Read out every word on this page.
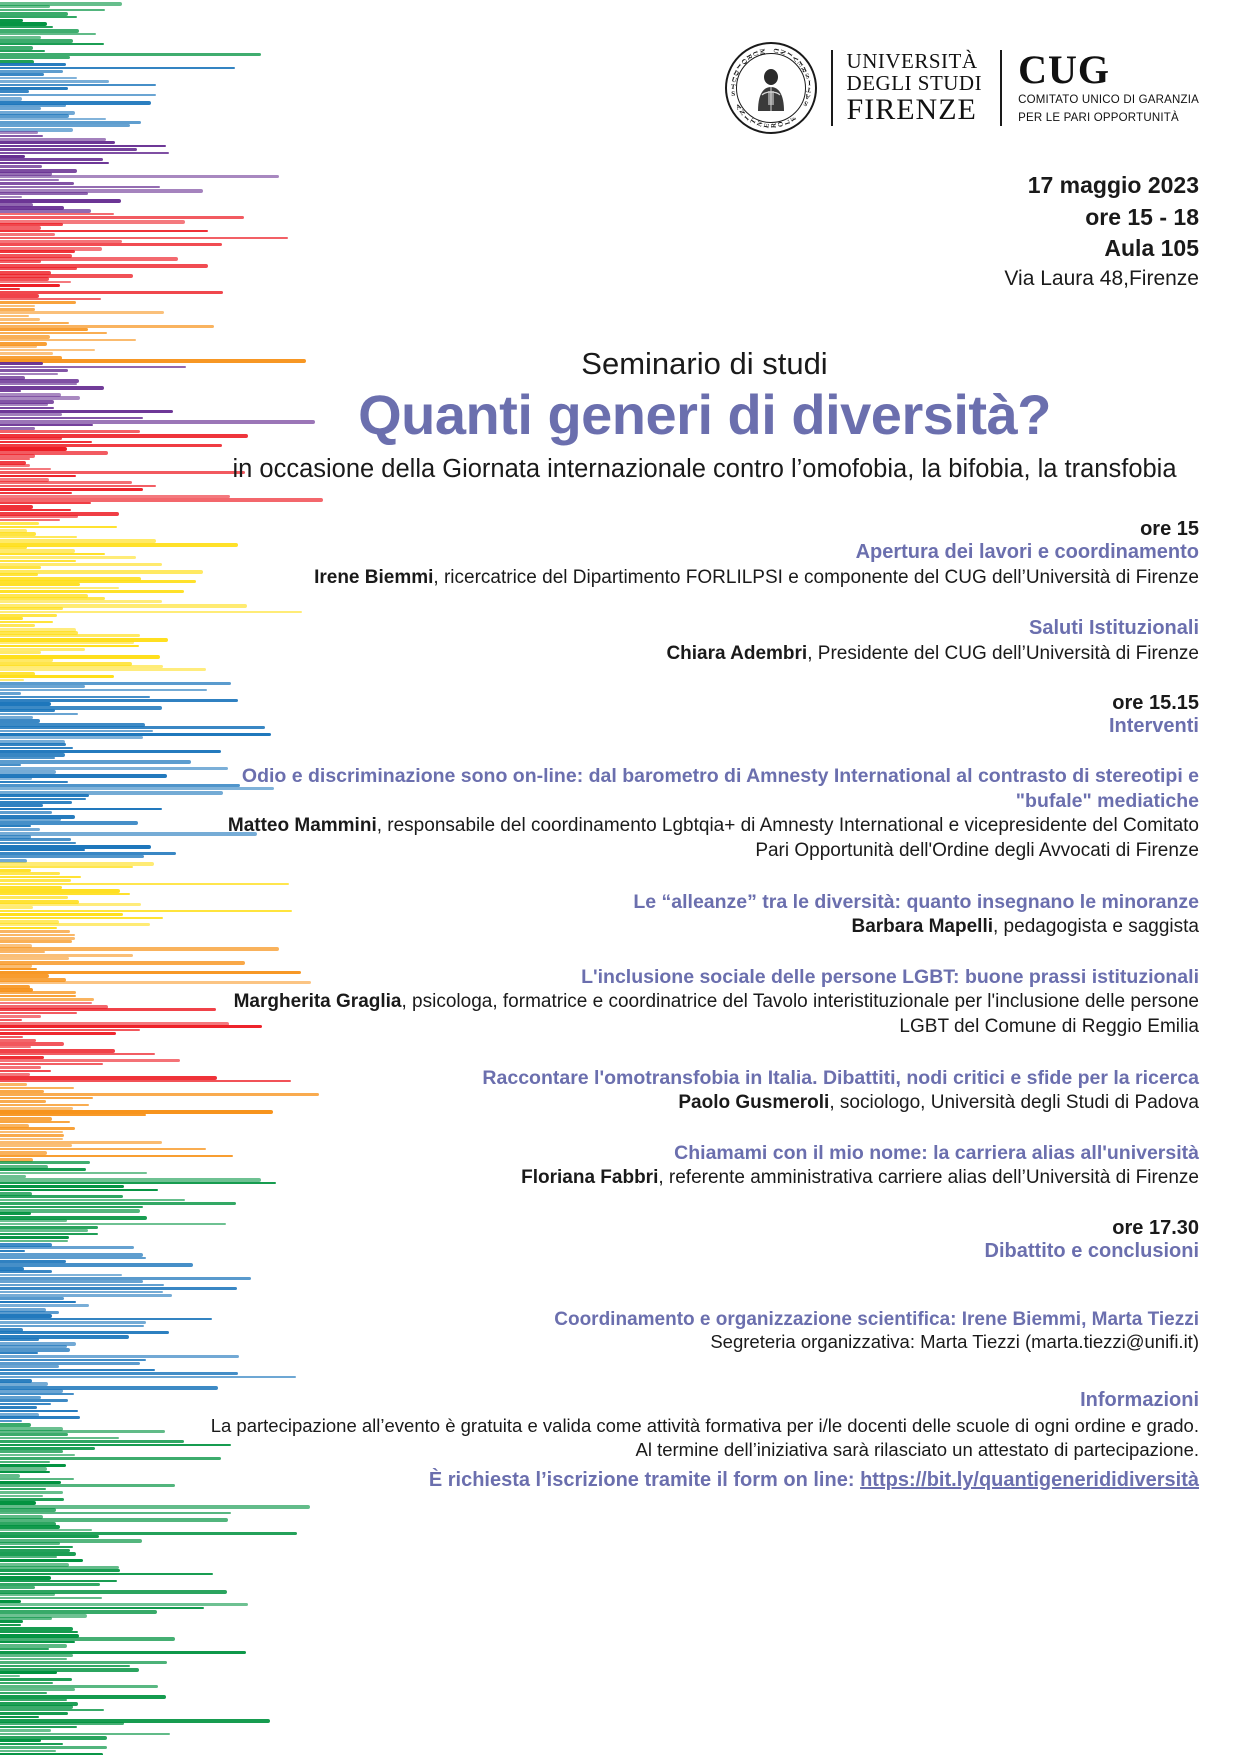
F
L
O
R
E
N
T
I
N
A

S
T
U
D
I
O
R
U
M
U
N
I
V
E
R
S
I
T
A
S
UNIVERSITÀ
DEGLI STUDI
FIRENZE
CUG
COMITATO UNICO DI GARANZIA
PER LE PARI OPPORTUNITÀ
17 maggio 2023
ore 15 - 18
Aula 105
Via Laura 48,Firenze
Seminario di studi
Quanti generi di diversità?
in occasione della Giornata internazionale contro l’omofobia, la bifobia, la transfobia
ore 15
Apertura dei lavori e coordinamento
Irene Biemmi, ricercatrice del Dipartimento FORLILPSI e componente del CUG dell’Università di Firenze
Saluti Istituzionali
Chiara Adembri, Presidente del CUG dell’Università di Firenze
ore 15.15
Interventi
Odio e discriminazione sono on-line: dal barometro di Amnesty International al contrasto di stereotipi e "bufale" mediatiche
Matteo Mammini, responsabile del coordinamento Lgbtqia+ di Amnesty International e vicepresidente del Comitato Pari Opportunità dell'Ordine degli Avvocati di Firenze
Le “alleanze” tra le diversità: quanto insegnano le minoranze
Barbara Mapelli, pedagogista e saggista
L'inclusione sociale delle persone LGBT: buone prassi istituzionali
Margherita Graglia, psicologa, formatrice e coordinatrice del Tavolo interistituzionale per l'inclusione delle persone LGBT del Comune di Reggio Emilia
Raccontare l'omotransfobia in Italia. Dibattiti, nodi critici e sfide per la ricerca
Paolo Gusmeroli, sociologo, Università degli Studi di Padova
Chiamami con il mio nome: la carriera alias all'università
Floriana Fabbri, referente amministrativa carriere alias dell’Università di Firenze
ore 17.30
Dibattito e conclusioni
Coordinamento e organizzazione scientifica: Irene Biemmi, Marta Tiezzi
Segreteria organizzativa: Marta Tiezzi (marta.tiezzi@unifi.it)
Informazioni
La partecipazione all’evento è gratuita e valida come attività formativa per i/le docenti delle scuole di ogni ordine e grado.
Al termine dell’iniziativa sarà rilasciato un attestato di partecipazione.
È richiesta l’iscrizione tramite il form on line: https://bit.ly/quantigenerididiversità
